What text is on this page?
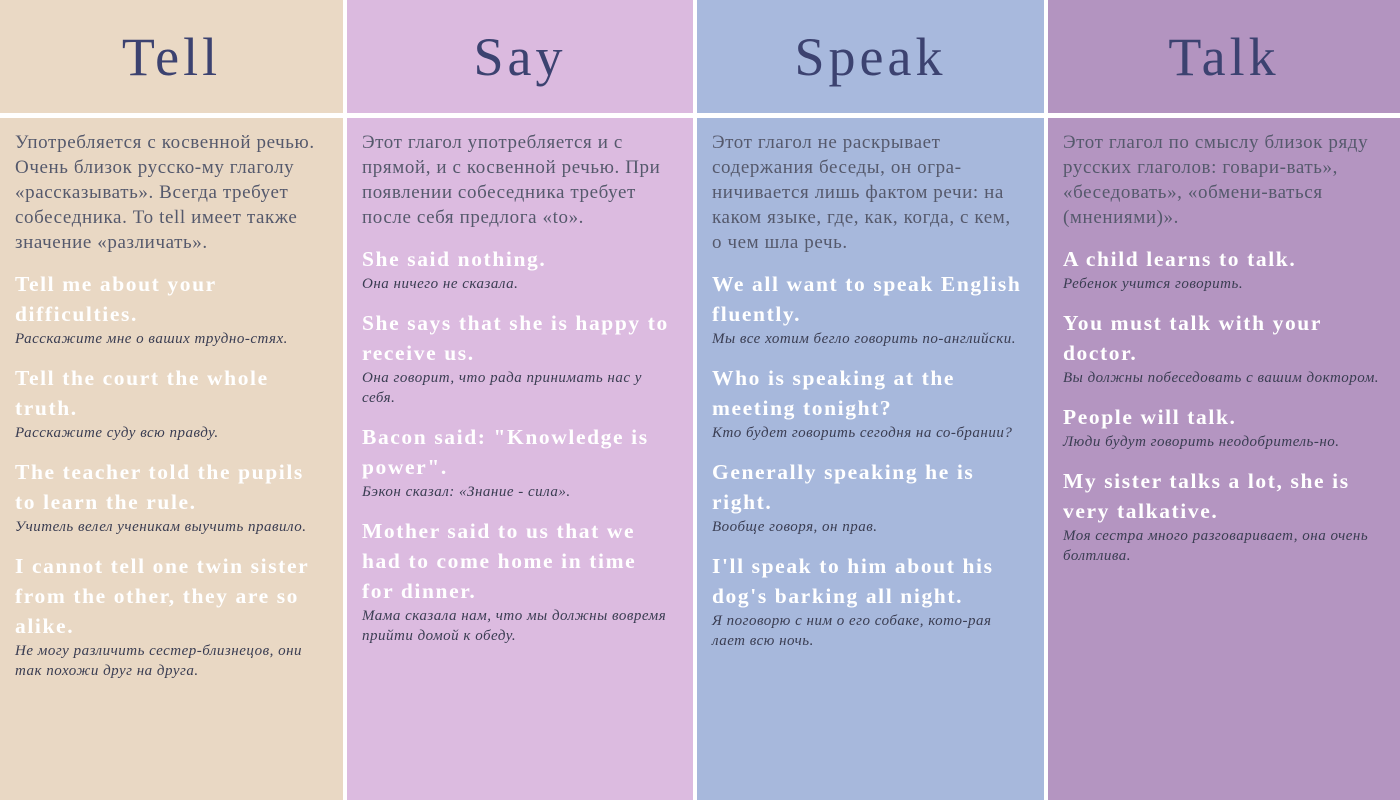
Tell

Употребляется с косвенной речью. Очень близок русско-му глаголу «рассказывать». Всегда требует собеседника. To tell имеет также значение «различать».

Tell me about your difficulties.
Расскажите мне о ваших трудно-стях.
Tell the court the whole truth.
Расскажите суду всю правду.
The teacher told the pupils to learn the rule.
Учитель велел ученикам выучить правило.
I cannot tell one twin sister from the other, they are so alike.
Не могу различить сестер-близнецов, они так похожи друг на друга.
Say

Этот глагол употребляется и с прямой, и с косвенной речью. При появлении собеседника требует после себя предлога «to».

She said nothing.
Она ничего не сказала.
She says that she is happy to receive us.
Она говорит, что рада принимать нас у себя.
Bacon said: "Knowledge is power".
Бэкон сказал: «Знание - сила».
Mother said to us that we had to come home in time for dinner.
Мама сказала нам, что мы должны вовремя прийти домой к обеду.
Speak

Этот глагол не раскрывает содержания беседы, он огра-ничивается лишь фактом речи: на каком языке, где, как, когда, с кем, о чем шла речь.

We all want to speak English fluently.
Мы все хотим бегло говорить по-английски.
Who is speaking at the meeting tonight?
Кто будет говорить сегодня на со-брании?
Generally speaking he is right.
Вообще говоря, он прав.
I'll speak to him about his dog's barking all night.
Я поговорю с ним о его собаке, кото-рая лает всю ночь.
Talk

Этот глагол по смыслу близок ряду русских глаголов: говари-вать», «беседовать», «обмени-ваться (мнениями)».

A child learns to talk.
Ребенок учится говорить.
You must talk with your doctor.
Вы должны побеседовать с вашим доктором.
People will talk.
Люди будут говорить неодобритель-но.
My sister talks a lot, she is very talkative.
Моя сестра много разговаривает, она очень болтлива.
